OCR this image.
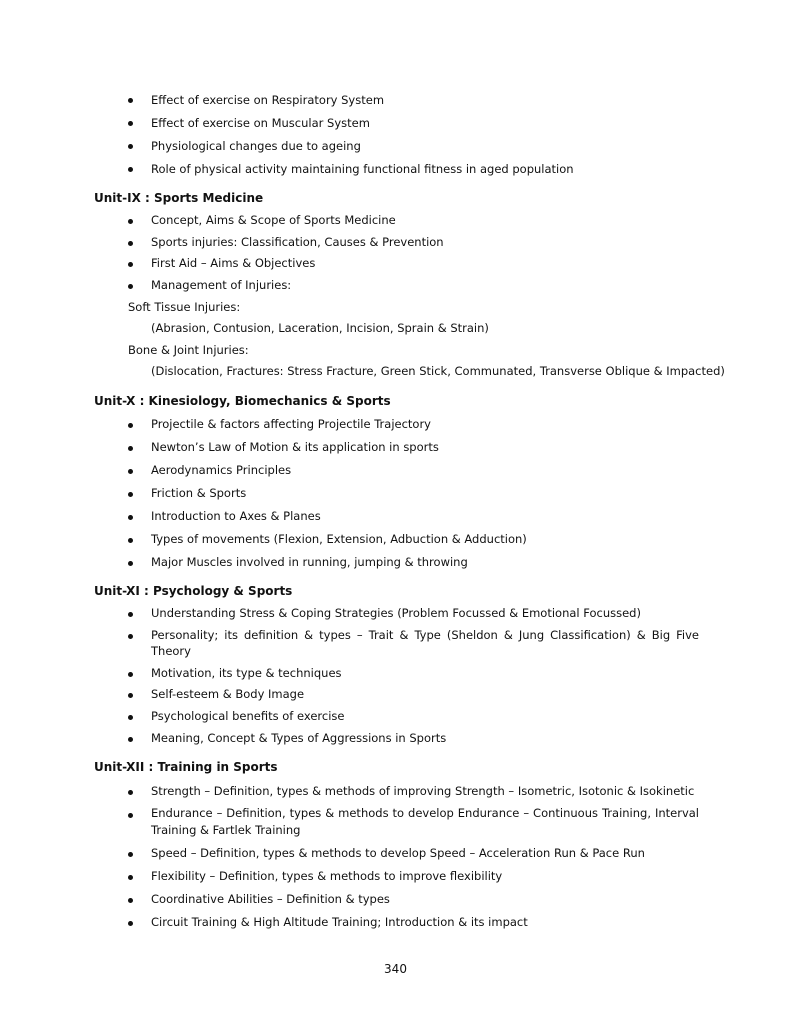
Effect of exercise on Respiratory System
Effect of exercise on Muscular System
Physiological changes due to ageing
Role of physical activity maintaining functional fitness in aged population
Unit-IX : Sports Medicine
Concept, Aims & Scope of Sports Medicine
Sports injuries: Classification, Causes & Prevention
First Aid – Aims & Objectives
Management of Injuries:
Soft Tissue Injuries:
(Abrasion, Contusion, Laceration, Incision, Sprain & Strain)
Bone & Joint Injuries:
(Dislocation, Fractures: Stress Fracture, Green Stick, Communated, Transverse Oblique & Impacted)
Unit-X : Kinesiology, Biomechanics & Sports
Projectile & factors affecting Projectile Trajectory
Newton’s Law of Motion & its application in sports
Aerodynamics Principles
Friction & Sports
Introduction to Axes & Planes
Types of movements (Flexion, Extension, Adbuction & Adduction)
Major Muscles involved in running, jumping & throwing
Unit-XI : Psychology & Sports
Understanding Stress & Coping Strategies (Problem Focussed & Emotional Focussed)
Personality; its definition & types – Trait & Type (Sheldon & Jung Classification) & Big Five
Theory
Motivation, its type & techniques
Self-esteem & Body Image
Psychological benefits of exercise
Meaning, Concept & Types of Aggressions in Sports
Unit-XII : Training in Sports
Strength – Definition, types & methods of improving Strength – Isometric, Isotonic & Isokinetic
Endurance – Definition, types & methods to develop Endurance – Continuous Training, Interval
Training & Fartlek Training
Speed – Definition, types & methods to develop Speed – Acceleration Run & Pace Run
Flexibility – Definition, types & methods to improve flexibility
Coordinative Abilities – Definition & types
Circuit Training & High Altitude Training; Introduction & its impact
340
